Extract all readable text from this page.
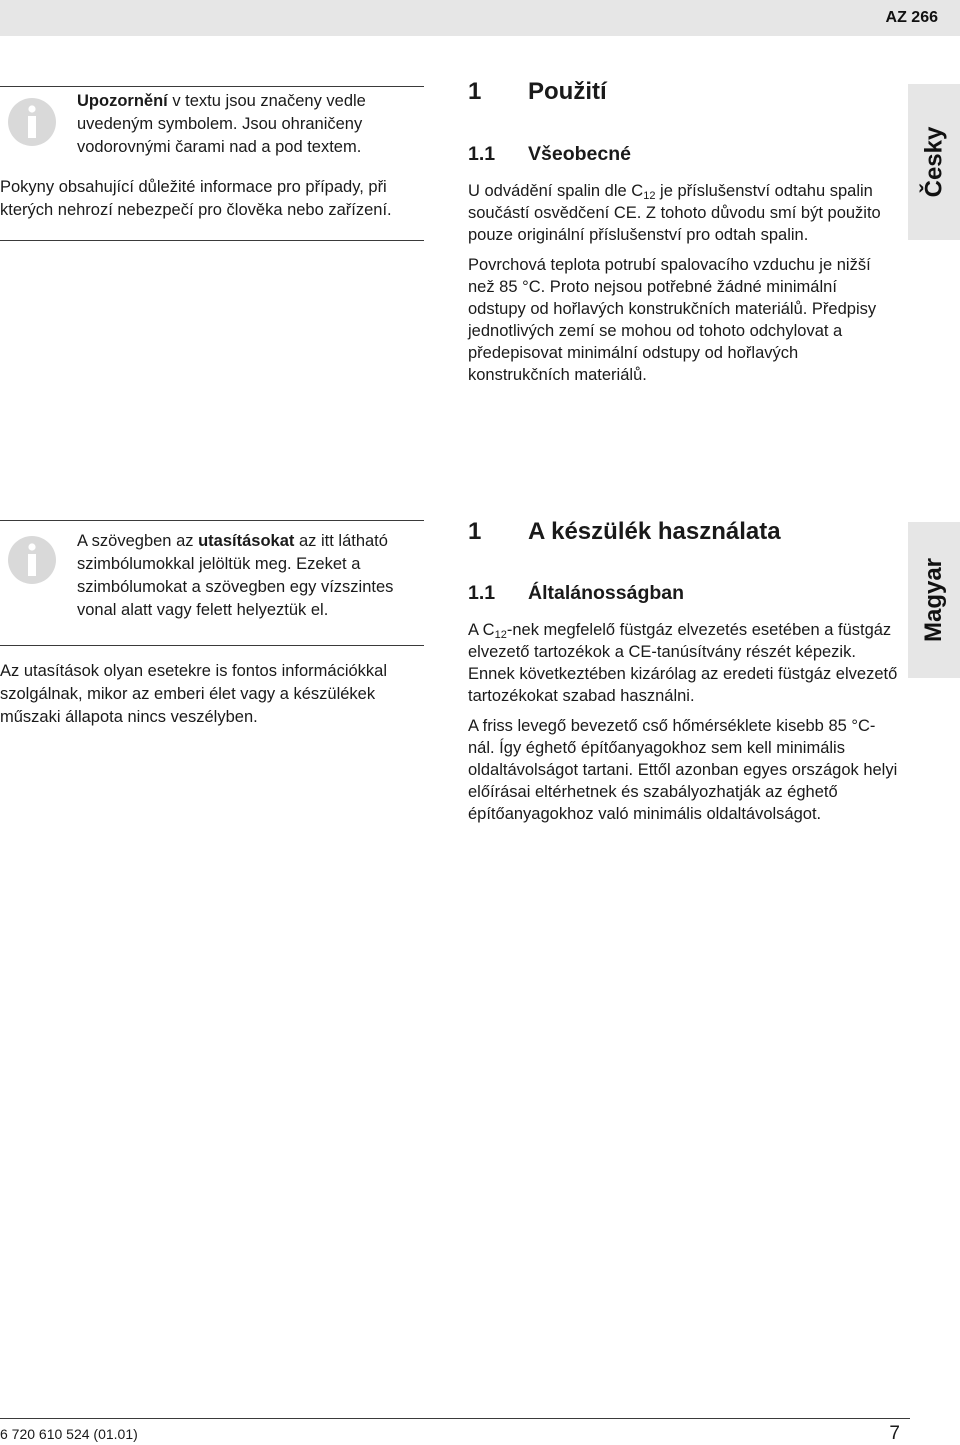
AZ 266
Upozornění v textu jsou značeny vedle uvedeným symbolem. Jsou ohraničeny vodorovnými čarami nad a pod textem.
Pokyny obsahující důležité informace pro případy, při kterých nehrozí nebezpečí pro člověka nebo zařízení.
1 Použití
1.1 Všeobecné

U odvádění spalin dle $C_{12}$ je příslušenství odtahu spalin součástí osvědčení CE. Z tohoto důvodu smí být použito pouze originální příslušenství pro odtah spalin.

Povrchová teplota potrubí spalovacího vzduchu je nižší než 85 °C. Proto nejsou potřebné žádné minimální odstupy od hořlavých konstrukčních materiálů. Předpisy jednotlivých zemí se mohou od tohoto odchylovat a předepisovat minimální odstupy od hořlavých konstrukčních materiálů.

Česky
A szövegben az utasításokat az itt látható szimbólumokkal jelöltük meg. Ezeket a szimbólumokat a szövegben egy vízszintes vonal alatt vagy felett helyeztük el.
Az utasítások olyan esetekre is fontos információkkal szolgálnak, mikor az emberi élet vagy a készülékek műszaki állapota nincs veszélyben.
1 A készülék használata
1.1 Általánosságban

A $C_{12}$-nek megfelelő füstgáz elvezetés esetében a füstgáz elvezető tartozékok a CE-tanúsítvány részét képezik. Ennek következtében kizárólag az eredeti füstgáz elvezető tartozékokat szabad használni.

A friss levegő bevezető cső hőmérséklete kisebb 85 °C-nál. Így éghető építőanyagokhoz sem kell minimális oldaltávolságot tartani. Ettől azonban egyes országok helyi előírásai eltérhetnek és szabályozhatják az éghető építőanyagokhoz való minimális oldaltávolságot.

Magyar
6 720 610 524 (01.01)	7
